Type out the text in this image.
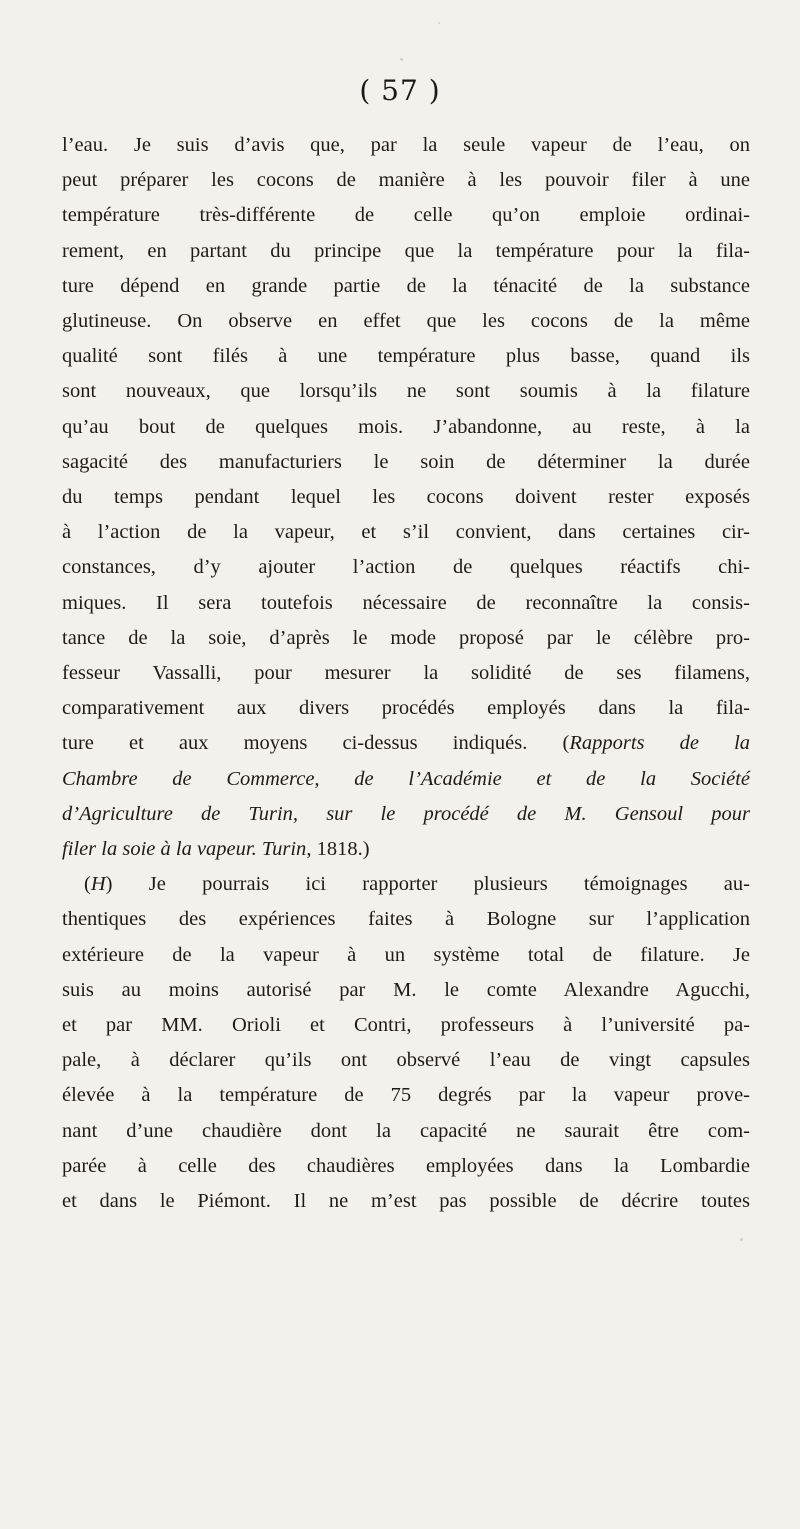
( 57 )

l’eau. Je suis d’avis que, par la seule vapeur de l’eau, on
peut préparer les cocons de manière à les pouvoir filer à une
température très-différente de celle qu’on emploie ordinai-
rement, en partant du principe que la température pour la fila-
ture dépend en grande partie de la ténacité de la substance
glutineuse. On observe en effet que les cocons de la même
qualité sont filés à une température plus basse, quand ils
sont nouveaux, que lorsqu’ils ne sont soumis à la filature
qu’au bout de quelques mois. J’abandonne, au reste, à la
sagacité des manufacturiers le soin de déterminer la durée
du temps pendant lequel les cocons doivent rester exposés
à l’action de la vapeur, et s’il convient, dans certaines cir-
constances, d’y ajouter l’action de quelques réactifs chi-
miques. Il sera toutefois nécessaire de reconnaître la consis-
tance de la soie, d’après le mode proposé par le célèbre pro-
fesseur Vassalli, pour mesurer la solidité de ses filamens,
comparativement aux divers procédés employés dans la fila-
ture et aux moyens ci-dessus indiqués. (Rapports de la
Chambre de Commerce, de l’Académie et de la Société
d’Agriculture de Turin, sur le procédé de M. Gensoul pour
filer la soie à la vapeur. Turin, 1818.)

(H) Je pourrais ici rapporter plusieurs témoignages au-

thentiques des expériences faites à Bologne sur l’application
extérieure de la vapeur à un système total de filature. Je
suis au moins autorisé par M. le comte Alexandre Agucchi,
et par MM. Orioli et Contri, professeurs à l’université pa-
pale, à déclarer qu’ils ont observé l’eau de vingt capsules
élevée à la température de 75 degrés par la vapeur prove-
nant d’une chaudière dont la capacité ne saurait être com-
parée à celle des chaudières employées dans la Lombardie
et dans le Piémont. Il ne m’est pas possible de décrire toutes
